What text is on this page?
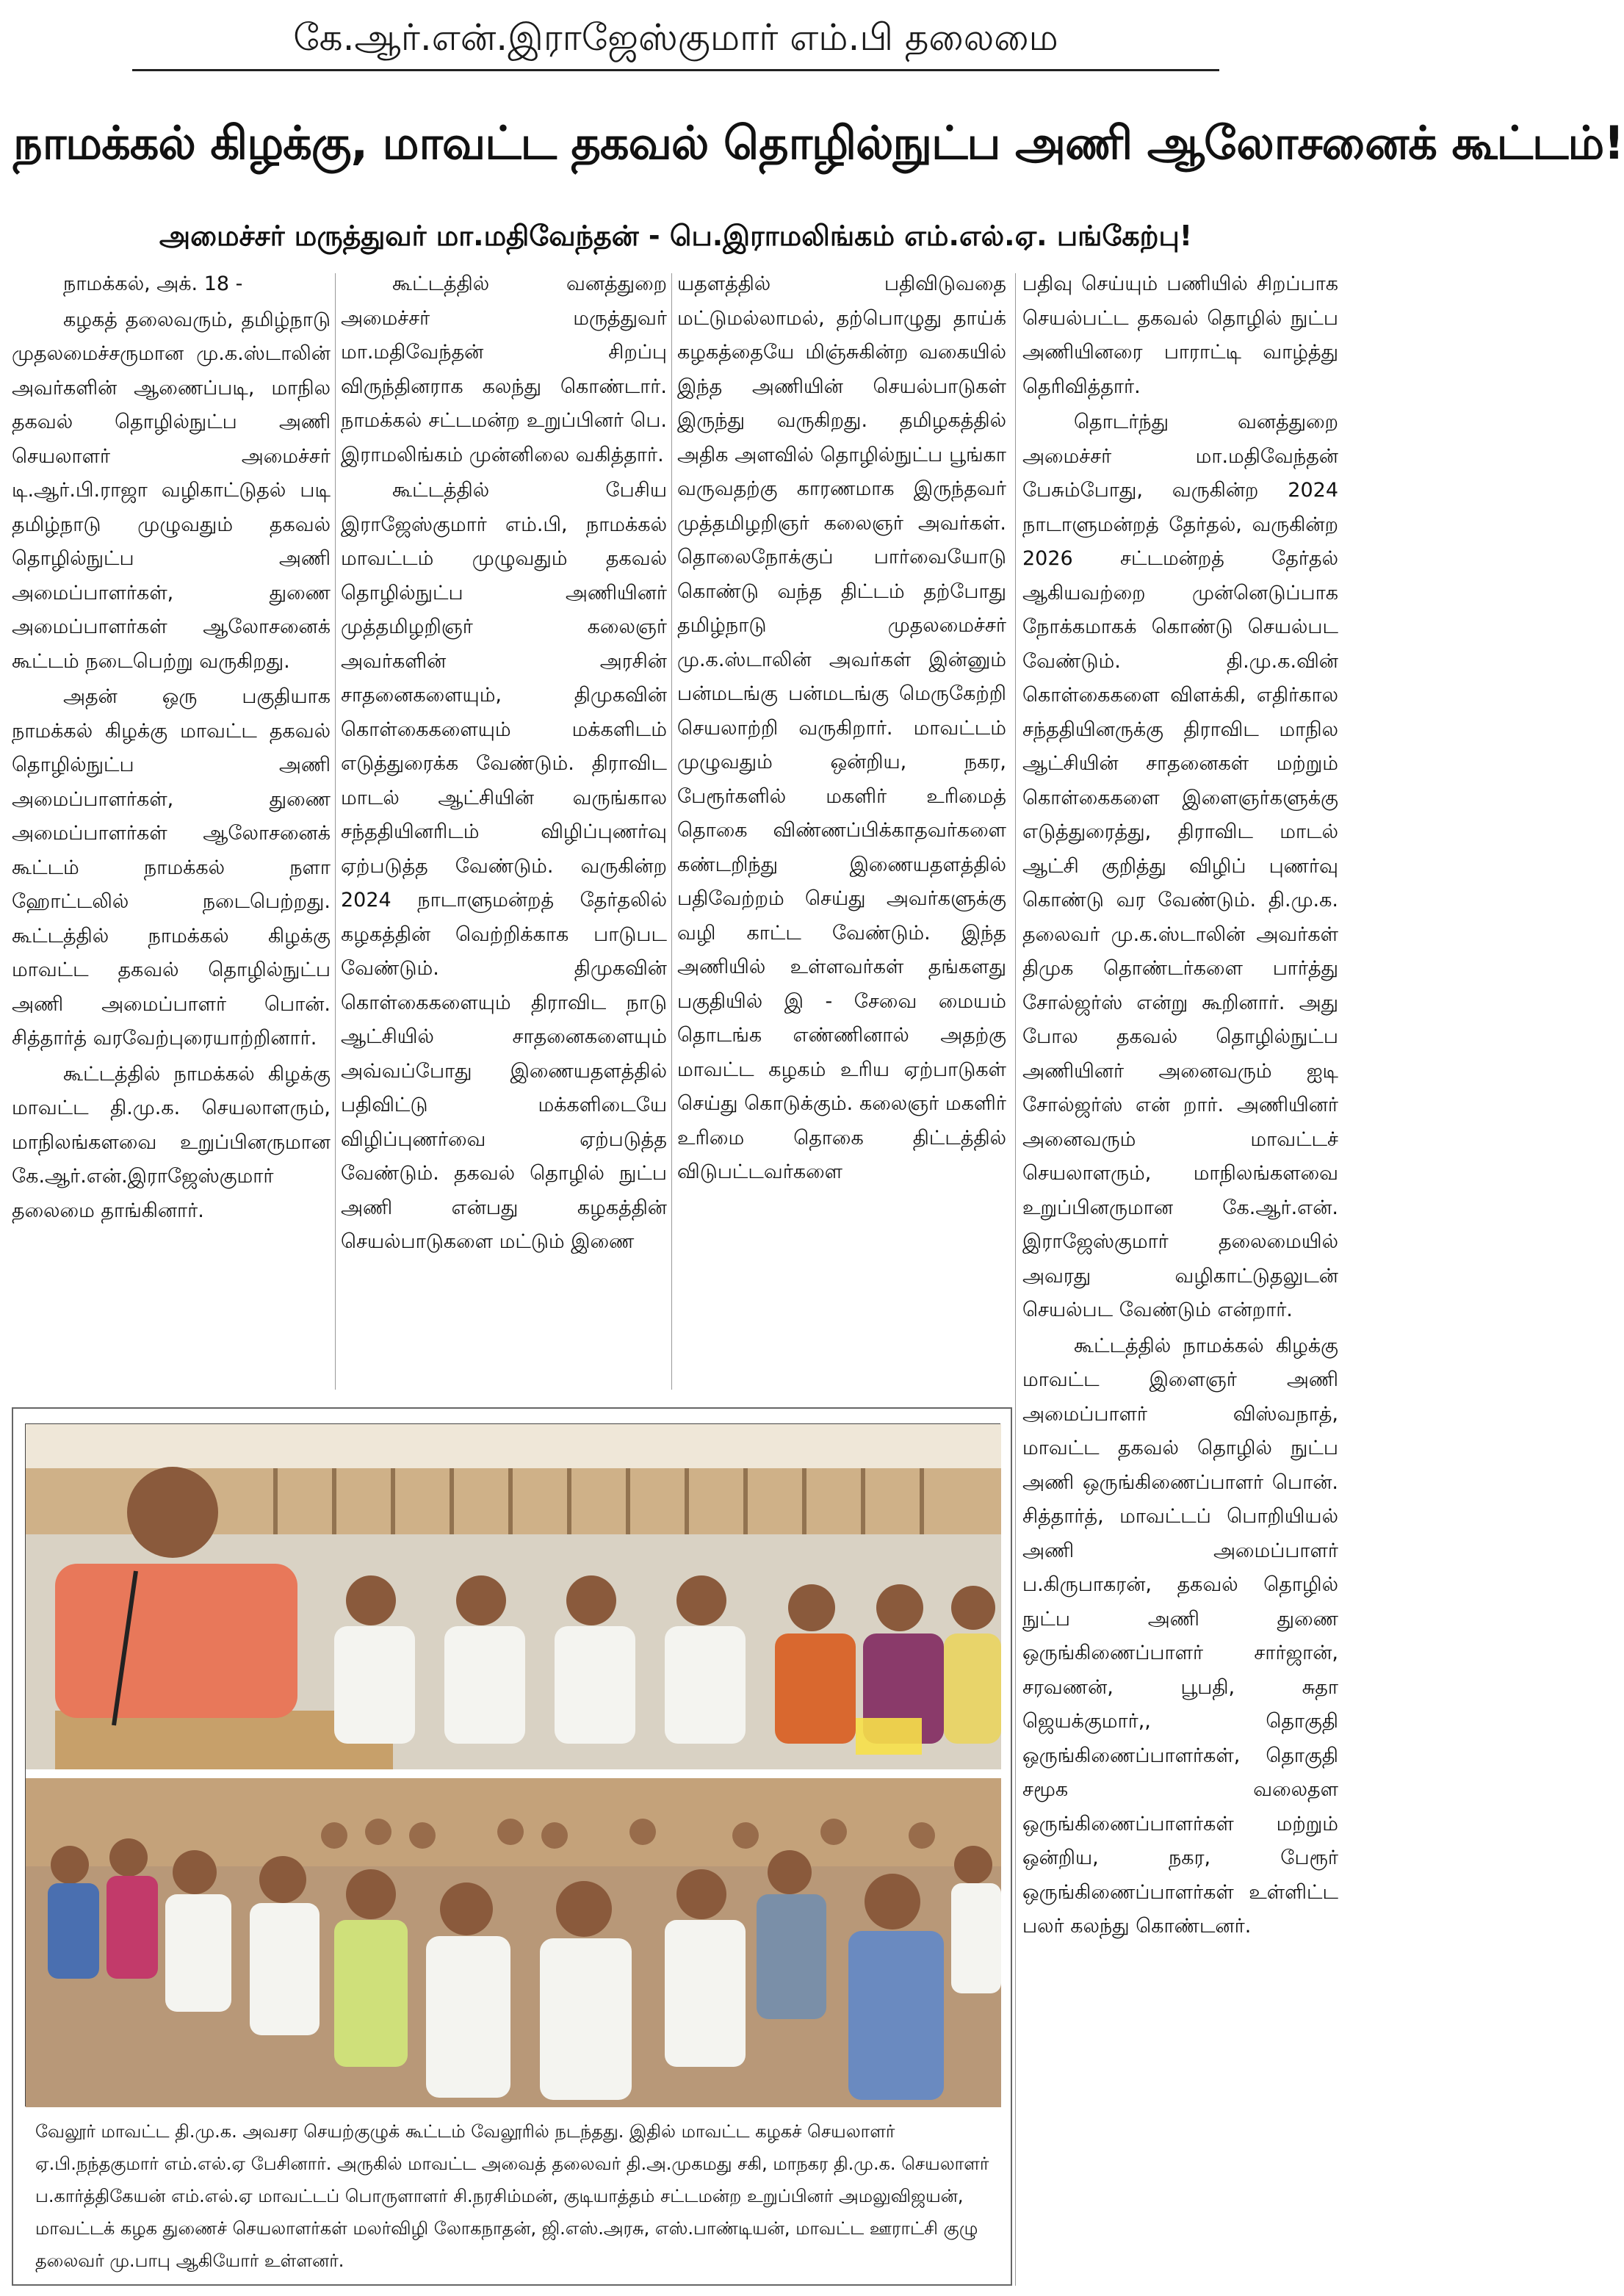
கே.ஆர்.என்.இராஜேஸ்குமார் எம்.பி தலைமை
நாமக்கல் கிழக்கு, மாவட்ட தகவல் தொழில்நுட்ப அணி ஆலோசனைக் கூட்டம்!
அமைச்சர் மருத்துவர் மா.மதிவேந்தன் - பெ.இராமலிங்கம் எம்.எல்.ஏ. பங்கேற்பு!

நாமக்கல், அக். 18 -

கழகத் தலைவரும், தமிழ்நாடு முதலமைச்சருமான மு.க.ஸ்டாலின் அவர்களின் ஆணைப்படி, மாநில தகவல் தொழில்நுட்ப அணி செயலாளர் அமைச்சர் டி.ஆர்.பி.ராஜா வழிகாட்டுதல் படி தமிழ்நாடு முழுவதும் தகவல் தொழில்நுட்ப அணி அமைப்பாளர்கள், துணை அமைப்பாளர்கள் ஆலோசனைக் கூட்டம் நடைபெற்று வருகிறது.

அதன் ஒரு பகுதியாக நாமக்கல் கிழக்கு மாவட்ட தகவல் தொழில்நுட்ப அணி அமைப்பாளர்கள், துணை அமைப்பாளர்கள் ஆலோசனைக் கூட்டம் நாமக்கல் நளா ஹோட்டலில் நடைபெற்றது. கூட்டத்தில் நாமக்கல் கிழக்கு மாவட்ட தகவல் தொழில்நுட்ப அணி அமைப்பாளர் பொன். சித்தார்த் வரவேற்புரையாற்றினார்.

கூட்டத்தில் நாமக்கல் கிழக்கு மாவட்ட தி.மு.க. செயலாளரும், மாநிலங்களவை உறுப்பினருமான கே.ஆர்.என்.இராஜேஸ்குமார் தலைமை தாங்கினார்.

கூட்டத்தில் வனத்துறை அமைச்சர் மருத்துவர் மா.மதிவேந்தன் சிறப்பு விருந்தினராக கலந்து கொண்டார். நாமக்கல் சட்டமன்ற உறுப்பினர் பெ. இராமலிங்கம் முன்னிலை வகித்தார்.

கூட்டத்தில் பேசிய இராஜேஸ்குமார் எம்.பி, நாமக்கல் மாவட்டம் முழுவதும் தகவல் தொழில்நுட்ப அணியினர் முத்தமிழறிஞர் கலைஞர் அவர்களின் அரசின் சாதனைகளையும், திமுகவின் கொள்கைகளையும் மக்களிடம் எடுத்துரைக்க வேண்டும். திராவிட மாடல் ஆட்சியின் வருங்கால சந்ததியினரிடம் விழிப்புணர்வு ஏற்படுத்த வேண்டும். வருகின்ற 2024 நாடாளுமன்றத் தேர்தலில் கழகத்தின் வெற்றிக்காக பாடுபட வேண்டும். திமுகவின் கொள்கைகளையும் திராவிட நாடு ஆட்சியில் சாதனைகளையும் அவ்வப்போது இணையதளத்தில் பதிவிட்டு மக்களிடையே விழிப்புணர்வை ஏற்படுத்த வேண்டும். தகவல் தொழில் நுட்ப அணி என்பது கழகத்தின் செயல்பாடுகளை மட்டும் இணை

யதளத்தில் பதிவிடுவதை மட்டுமல்லாமல், தற்பொழுது தாய்க் கழகத்தையே மிஞ்சுகின்ற வகையில் இந்த அணியின் செயல்பாடுகள் இருந்து வருகிறது. தமிழகத்தில் அதிக அளவில் தொழில்நுட்ப பூங்கா வருவதற்கு காரணமாக இருந்தவர் முத்தமிழறிஞர் கலைஞர் அவர்கள். தொலைநோக்குப் பார்வையோடு கொண்டு வந்த திட்டம் தற்போது தமிழ்நாடு முதலமைச்சர் மு.க.ஸ்டாலின் அவர்கள் இன்னும் பன்மடங்கு பன்மடங்கு மெருகேற்றி செயலாற்றி வருகிறார். மாவட்டம் முழுவதும் ஒன்றிய, நகர, பேரூர்களில் மகளிர் உரிமைத் தொகை விண்ணப்பிக்காதவர்களை கண்டறிந்து இணையதளத்தில் பதிவேற்றம் செய்து அவர்களுக்கு வழி காட்ட வேண்டும். இந்த அணியில் உள்ளவர்கள் தங்களது பகுதியில் இ - சேவை மையம் தொடங்க எண்ணினால் அதற்கு மாவட்ட கழகம் உரிய ஏற்பாடுகள் செய்து கொடுக்கும். கலைஞர் மகளிர் உரிமை தொகை திட்டத்தில் விடுபட்டவர்களை

பதிவு செய்யும் பணியில் சிறப்பாக செயல்பட்ட தகவல் தொழில் நுட்ப அணியினரை பாராட்டி வாழ்த்து தெரிவித்தார்.

தொடர்ந்து வனத்துறை அமைச்சர் மா.மதிவேந்தன் பேசும்போது, வருகின்ற 2024 நாடாளுமன்றத் தேர்தல், வருகின்ற 2026 சட்டமன்றத் தேர்தல் ஆகியவற்றை முன்னெடுப்பாக நோக்கமாகக் கொண்டு செயல்பட வேண்டும். தி.மு.க.வின் கொள்கைகளை விளக்கி, எதிர்கால சந்ததியினருக்கு திராவிட மாநில ஆட்சியின் சாதனைகள் மற்றும் கொள்கைகளை இளைஞர்களுக்கு எடுத்துரைத்து, திராவிட மாடல் ஆட்சி குறித்து விழிப் புணர்வு கொண்டு வர வேண்டும். தி.மு.க. தலைவர் மு.க.ஸ்டாலின் அவர்கள் திமுக தொண்டர்களை பார்த்து சோல்ஜர்ஸ் என்று கூறினார். அது போல தகவல் தொழில்நுட்ப அணியினர் அனைவரும் ஐடி சோல்ஜர்ஸ் என் றார். அணியினர் அனைவரும் மாவட்டச் செயலாளரும், மாநிலங்களவை உறுப்பினருமான கே.ஆர்.என். இராஜேஸ்குமார் தலைமையில் அவரது வழிகாட்டுதலுடன் செயல்பட வேண்டும் என்றார்.

கூட்டத்தில் நாமக்கல் கிழக்கு மாவட்ட இளைஞர் அணி அமைப்பாளர் விஸ்வநாத், மாவட்ட தகவல் தொழில் நுட்ப அணி ஒருங்கிணைப்பாளர் பொன். சித்தார்த், மாவட்டப் பொறியியல் அணி அமைப்பாளர் ப.கிருபாகரன், தகவல் தொழில் நுட்ப அணி துணை ஒருங்கிணைப்பாளர் சார்ஜான், சரவணன், பூபதி, சுதா ஜெயக்குமார்,, தொகுதி ஒருங்கிணைப்பாளர்கள், தொகுதி சமூக வலைதள ஒருங்கிணைப்பாளர்கள் மற்றும் ஒன்றிய, நகர, பேரூர் ஒருங்கிணைப்பாளர்கள் உள்ளிட்ட பலர் கலந்து கொண்டனர்.

வேலூர் மாவட்ட தி.மு.க. அவசர செயற்குழுக் கூட்டம் வேலூரில் நடந்தது. இதில் மாவட்ட கழகச் செயலாளர் ஏ.பி.நந்தகுமார் எம்.எல்.ஏ பேசினார். அருகில் மாவட்ட அவைத் தலைவர் தி.அ.முகமது சகி, மாநகர தி.மு.க. செயலாளர் ப.கார்த்திகேயன் எம்.எல்.ஏ மாவட்டப் பொருளாளர் சி.நரசிம்மன், குடியாத்தம் சட்டமன்ற உறுப்பினர் அமலுவிஜயன், மாவட்டக் கழக துணைச் செயலாளர்கள் மலர்விழி லோகநாதன், ஜி.எஸ்.அரசு, எஸ்.பாண்டியன், மாவட்ட ஊராட்சி குழு தலைவர் மு.பாபு ஆகியோர் உள்ளனர்.
